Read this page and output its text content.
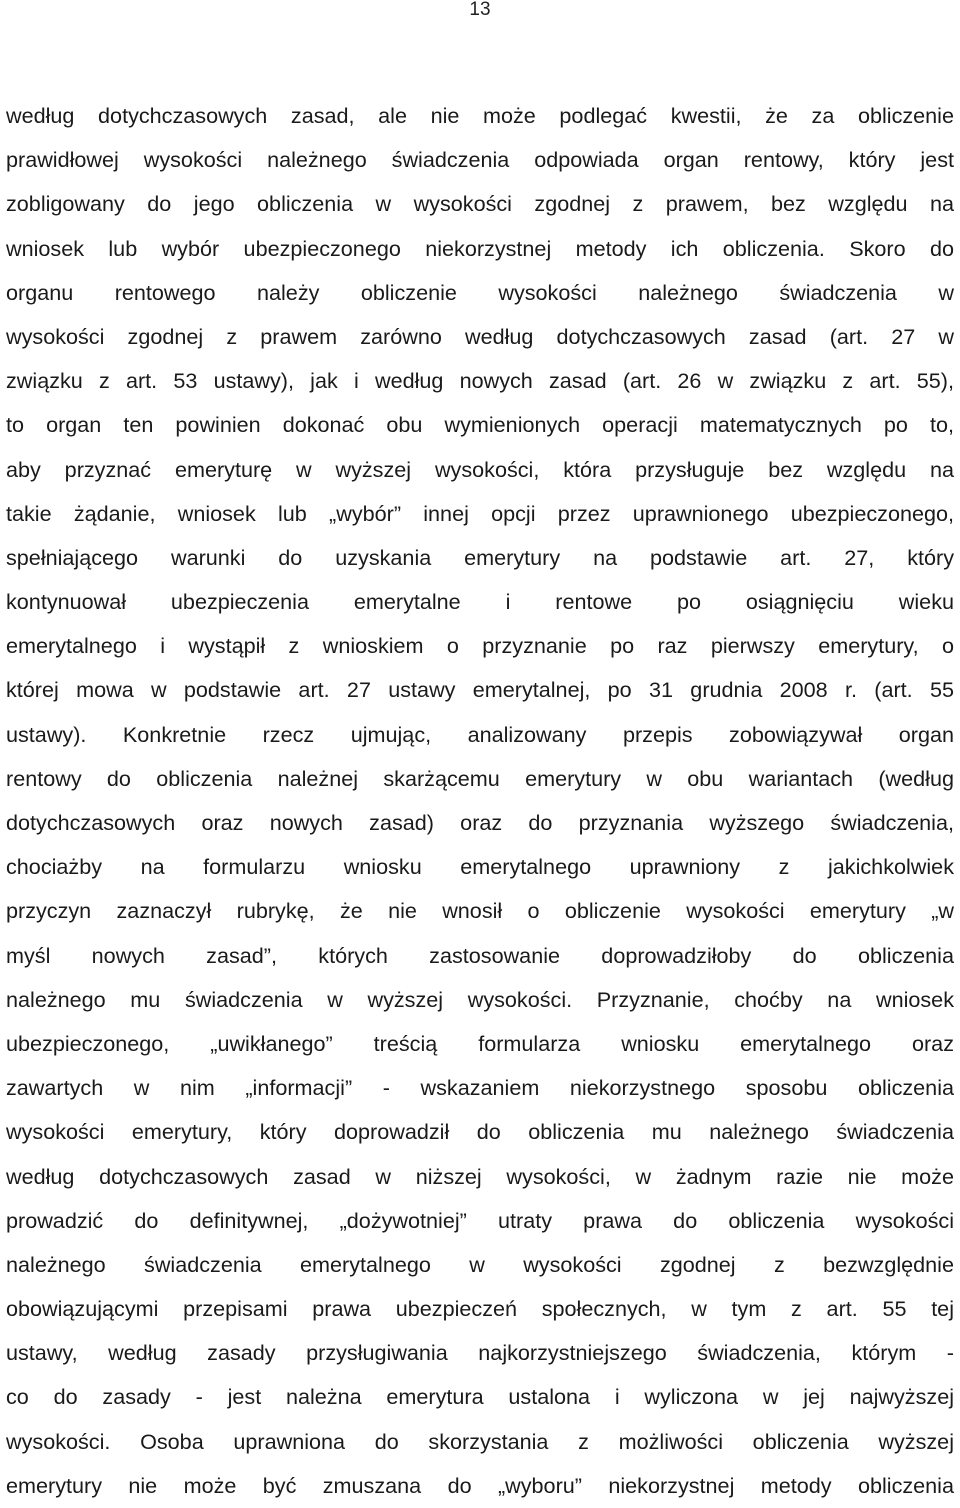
13
według dotychczasowych zasad, ale nie może podlegać kwestii, że za obliczenie
prawidłowej wysokości należnego świadczenia odpowiada organ rentowy, który jest
zobligowany do jego obliczenia w wysokości zgodnej z prawem, bez względu na
wniosek lub wybór ubezpieczonego niekorzystnej metody ich obliczenia. Skoro do
organu rentowego należy obliczenie wysokości należnego świadczenia w
wysokości zgodnej z prawem zarówno według dotychczasowych zasad (art. 27 w
związku z art. 53 ustawy), jak i według nowych zasad (art. 26 w związku z art. 55),
to organ ten powinien dokonać obu wymienionych operacji matematycznych po to,
aby przyznać emeryturę w wyższej wysokości, która przysługuje bez względu na
takie żądanie, wniosek lub „wybór” innej opcji przez uprawnionego ubezpieczonego,
spełniającego warunki do uzyskania emerytury na podstawie art. 27, który
kontynuował ubezpieczenia emerytalne i rentowe po osiągnięciu wieku
emerytalnego i wystąpił z wnioskiem o przyznanie po raz pierwszy emerytury, o
której mowa w podstawie art. 27 ustawy emerytalnej, po 31 grudnia 2008 r. (art. 55
ustawy). Konkretnie rzecz ujmując, analizowany przepis zobowiązywał organ
rentowy do obliczenia należnej skarżącemu emerytury w obu wariantach (według
dotychczasowych oraz nowych zasad) oraz do przyznania wyższego świadczenia,
chociażby na formularzu wniosku emerytalnego uprawniony z jakichkolwiek
przyczyn zaznaczył rubrykę, że nie wnosił o obliczenie wysokości emerytury „w
myśl nowych zasad”, których zastosowanie doprowadziłoby do obliczenia
należnego mu świadczenia w wyższej wysokości. Przyznanie, choćby na wniosek
ubezpieczonego, „uwikłanego” treścią formularza wniosku emerytalnego oraz
zawartych w nim „informacji” - wskazaniem niekorzystnego sposobu obliczenia
wysokości emerytury, który doprowadził do obliczenia mu należnego świadczenia
według dotychczasowych zasad w niższej wysokości, w żadnym razie nie może
prowadzić do definitywnej, „dożywotniej” utraty prawa do obliczenia wysokości
należnego świadczenia emerytalnego w wysokości zgodnej z bezwzględnie
obowiązującymi przepisami prawa ubezpieczeń społecznych, w tym z art. 55 tej
ustawy, według zasady przysługiwania najkorzystniejszego świadczenia, którym -
co do zasady - jest należna emerytura ustalona i wyliczona w jej najwyższej
wysokości. Osoba uprawniona do skorzystania z możliwości obliczenia wyższej
emerytury nie może być zmuszana do „wyboru” niekorzystnej metody obliczenia
